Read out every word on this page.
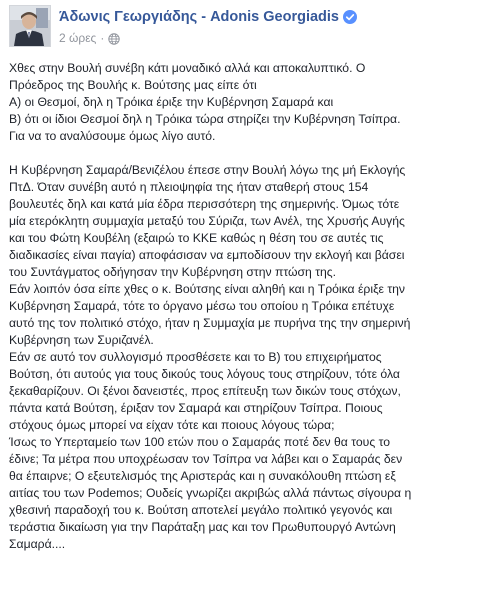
Άδωνις Γεωργιάδης - Adonis Georgiadis
2 ώρες ·
Χθες στην Βουλή συνέβη κάτι μοναδικό αλλά και αποκαλυπτικό. Ο
Πρόεδρος της Βουλής κ. Βούτσης μας είπε ότι
Α) οι Θεσμοί, δηλ η Τρόικα έριξε την Κυβέρνηση Σαμαρά και
Β) ότι οι ίδιοι Θεσμοί δηλ η Τρόικα τώρα στηρίζει την Κυβέρνηση Τσίπρα.
Για να το αναλύσουμε όμως λίγο αυτό.
Η Κυβέρνηση Σαμαρά/Βενιζέλου έπεσε στην Βουλή λόγω της μή Εκλογής
ΠτΔ. Όταν συνέβη αυτό η πλειοψηφία της ήταν σταθερή στους 154
βουλευτές δηλ και κατά μία έδρα περισσότερη της σημερινής. Όμως τότε
μία ετερόκλητη συμμαχία μεταξύ του Σύριζα, των Ανέλ, της Χρυσής Αυγής
και του Φώτη Κουβέλη (εξαιρώ το ΚΚΕ καθώς η θέση του σε αυτές τις
διαδικασίες είναι παγία) αποφάσισαν να εμποδίσουν την εκλογή και βάσει
του Συντάγματος οδήγησαν την Κυβέρνηση στην πτώση της.
Εάν λοιπόν όσα είπε χθες ο κ. Βούτσης είναι αληθή και η Τρόικα έριξε την
Κυβέρνηση Σαμαρά, τότε το όργανο μέσω του οποίου η Τρόικα επέτυχε
αυτό της τον πολιτικό στόχο, ήταν η Συμμαχία με πυρήνα της την σημερινή
Κυβέρνηση των Συριζανέλ.
Εάν σε αυτό τον συλλογισμό προσθέσετε και το Β) του επιχειρήματος
Βούτση, ότι αυτούς για τους δικούς τους λόγους τους στηρίζουν, τότε όλα
ξεκαθαρίζουν. Οι ξένοι δανειστές, προς επίτευξη των δικών τους στόχων,
πάντα κατά Βούτση, έριξαν τον Σαμαρά και στηρίζουν Τσίπρα. Ποιους
στόχους όμως μπορεί να είχαν τότε και ποιους λόγους τώρα;
Ίσως το Υπερταμείο των 100 ετών που ο Σαμαράς ποτέ δεν θα τους το
έδινε; Τα μέτρα που υποχρέωσαν τον Τσίπρα να λάβει και ο Σαμαράς δεν
θα έπαιρνε; Ο εξευτελισμός της Αριστεράς και η συνακόλουθη πτώση εξ
αιτίας του των Podemos; Ουδείς γνωρίζει ακριβώς αλλά πάντως σίγουρα η
χθεσινή παραδοχή του κ. Βούτση αποτελεί μεγάλο πολιτικό γεγονός και
τεράστια δικαίωση για την Παράταξη μας και τον Πρωθυπουργό Αντώνη
Σαμαρά....
